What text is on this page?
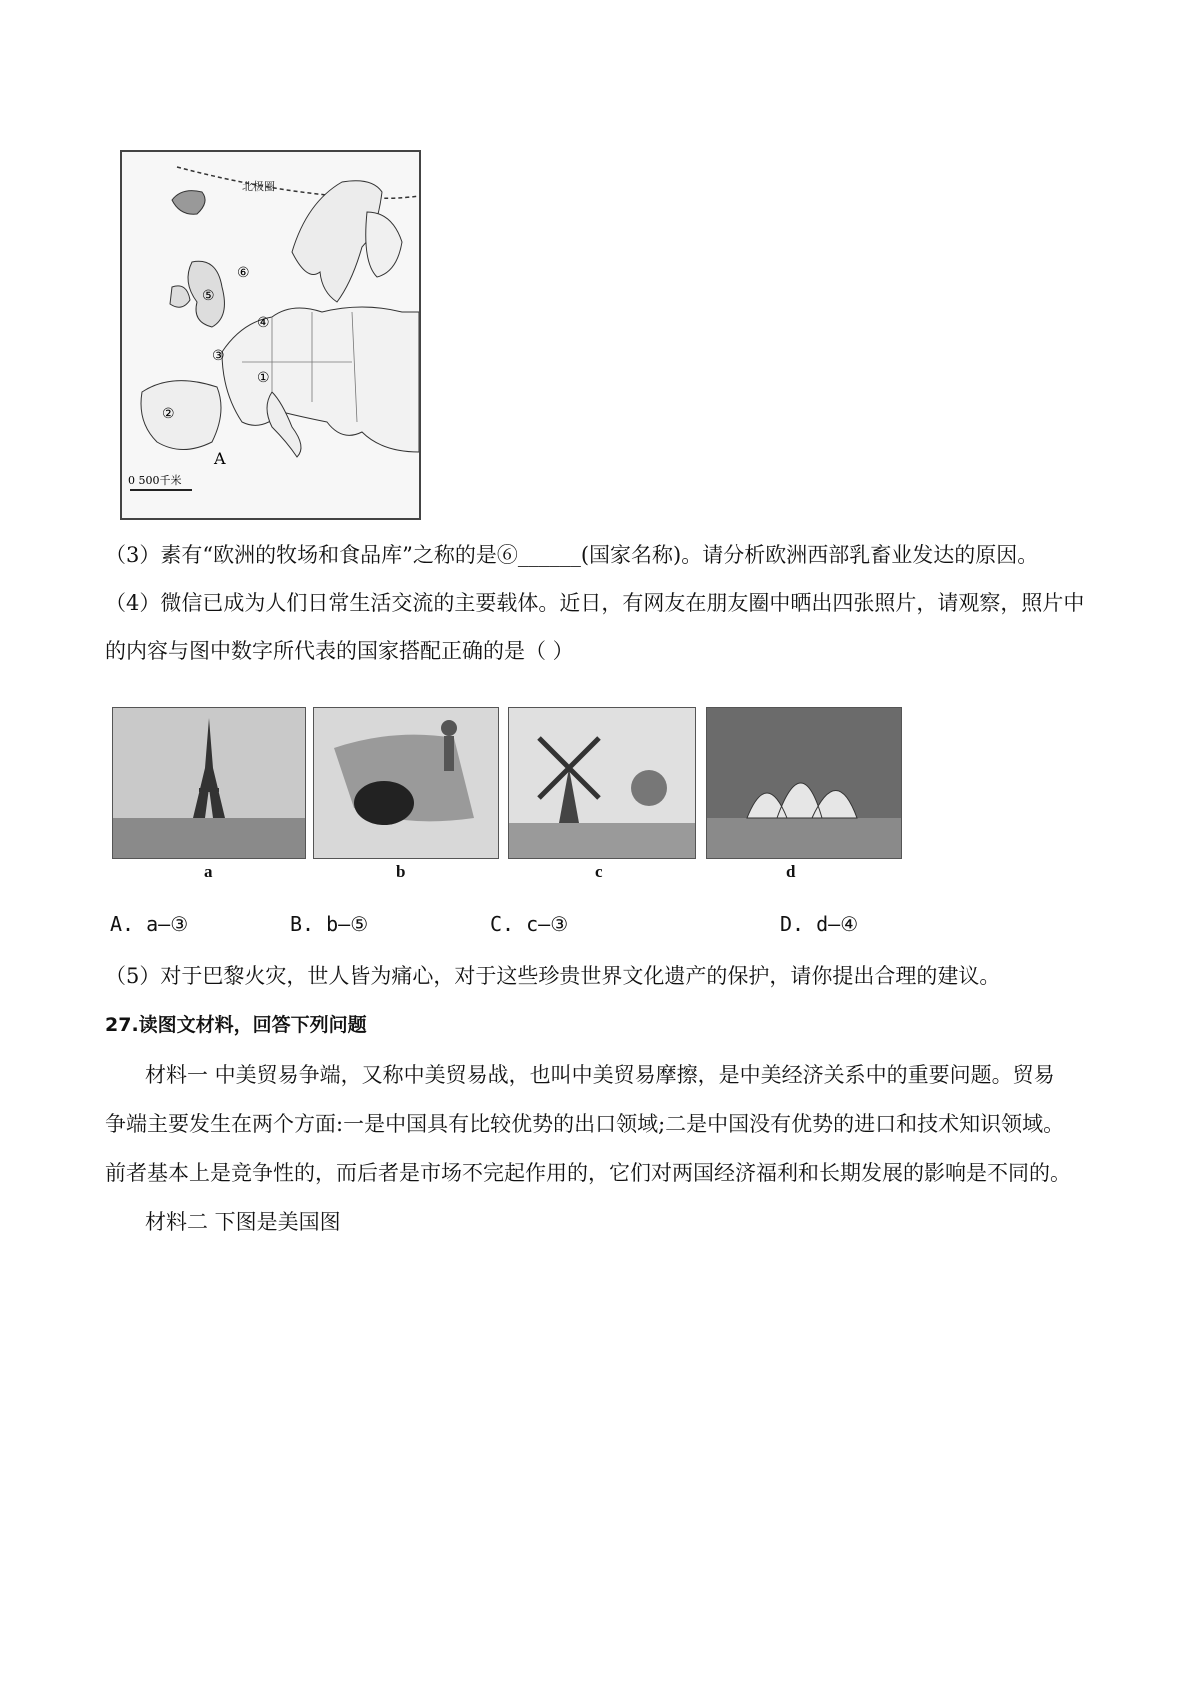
北极圈
①
②
③
④
⑤
⑥
A
0 500千米
（3）素有“欧洲的牧场和食品库”之称的是⑥______(国家名称)。请分析欧洲西部乳畜业发达的原因。
（4）微信已成为人们日常生活交流的主要载体。近日，有网友在朋友圈中晒出四张照片，请观察，照片中
的内容与图中数字所代表的国家搭配正确的是（ ）
a	b	c	d
A. a—③	B. b—⑤	C. c—③	D. d—④
（5）对于巴黎火灾，世人皆为痛心，对于这些珍贵世界文化遗产的保护，请你提出合理的建议。
27.读图文材料，回答下列问题
材料一 中美贸易争端，又称中美贸易战，也叫中美贸易摩擦，是中美经济关系中的重要问题。贸易
争端主要发生在两个方面:一是中国具有比较优势的出口领域;二是中国没有优势的进口和技术知识领域。
前者基本上是竞争性的，而后者是市场不完起作用的，它们对两国经济福利和长期发展的影响是不同的。
材料二 下图是美国图
